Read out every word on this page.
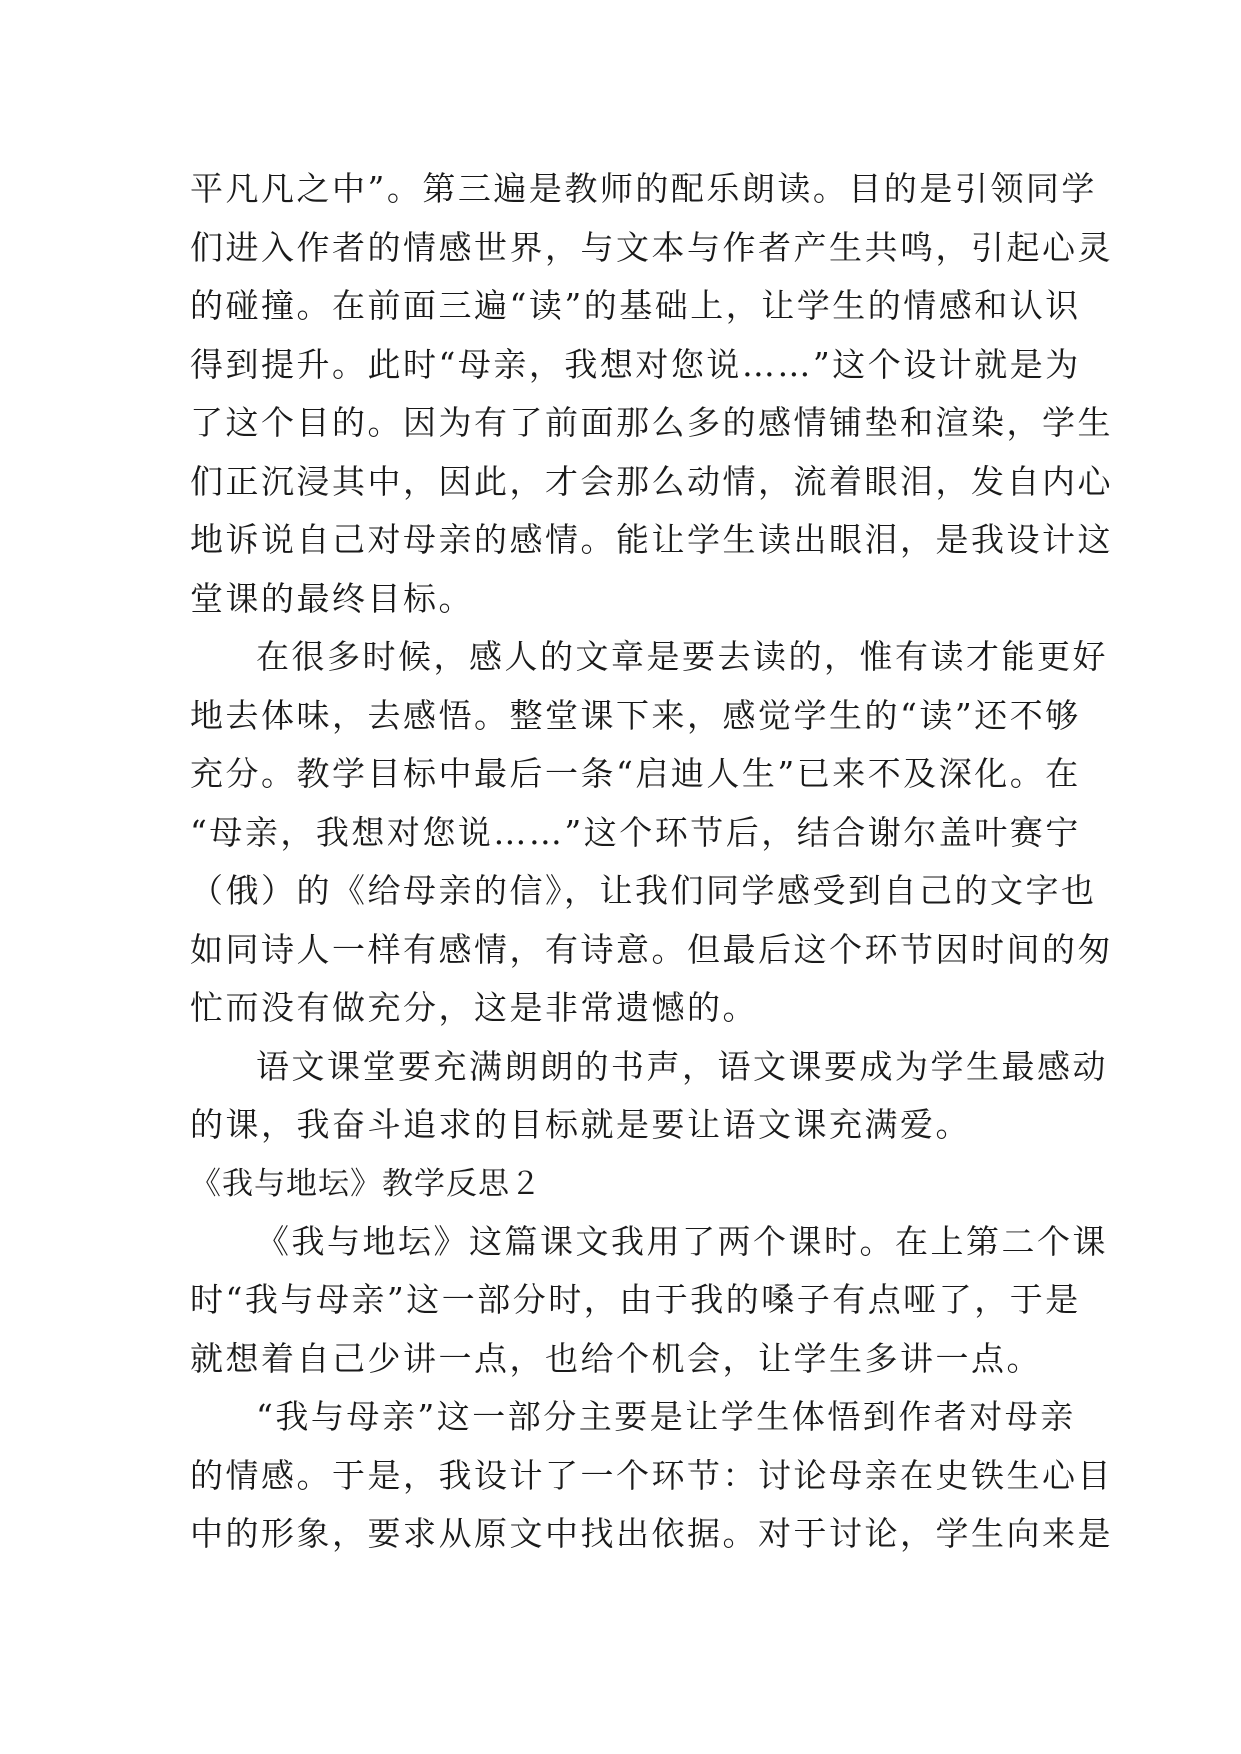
平凡凡之中”。第三遍是教师的配乐朗读。目的是引领同学
们进入作者的情感世界，与文本与作者产生共鸣，引起心灵
的碰撞。在前面三遍“读”的基础上，让学生的情感和认识
得到提升。此时“母亲，我想对您说……”这个设计就是为
了这个目的。因为有了前面那么多的感情铺垫和渲染，学生
们正沉浸其中，因此，才会那么动情，流着眼泪，发自内心
地诉说自己对母亲的感情。能让学生读出眼泪，是我设计这
堂课的最终目标。

在很多时候，感人的文章是要去读的，惟有读才能更好
地去体味，去感悟。整堂课下来，感觉学生的“读”还不够
充分。教学目标中最后一条“启迪人生”已来不及深化。在
“母亲，我想对您说……”这个环节后，结合谢尔盖叶赛宁
（俄）的《给母亲的信》，让我们同学感受到自己的文字也
如同诗人一样有感情，有诗意。但最后这个环节因时间的匆
忙而没有做充分，这是非常遗憾的。

语文课堂要充满朗朗的书声，语文课要成为学生最感动
的课，我奋斗追求的目标就是要让语文课充满爱。

《我与地坛》教学反思２

《我与地坛》这篇课文我用了两个课时。在上第二个课
时“我与母亲”这一部分时，由于我的嗓子有点哑了，于是
就想着自己少讲一点，也给个机会，让学生多讲一点。

“我与母亲”这一部分主要是让学生体悟到作者对母亲
的情感。于是，我设计了一个环节：讨论母亲在史铁生心目
中的形象，要求从原文中找出依据。对于讨论，学生向来是
